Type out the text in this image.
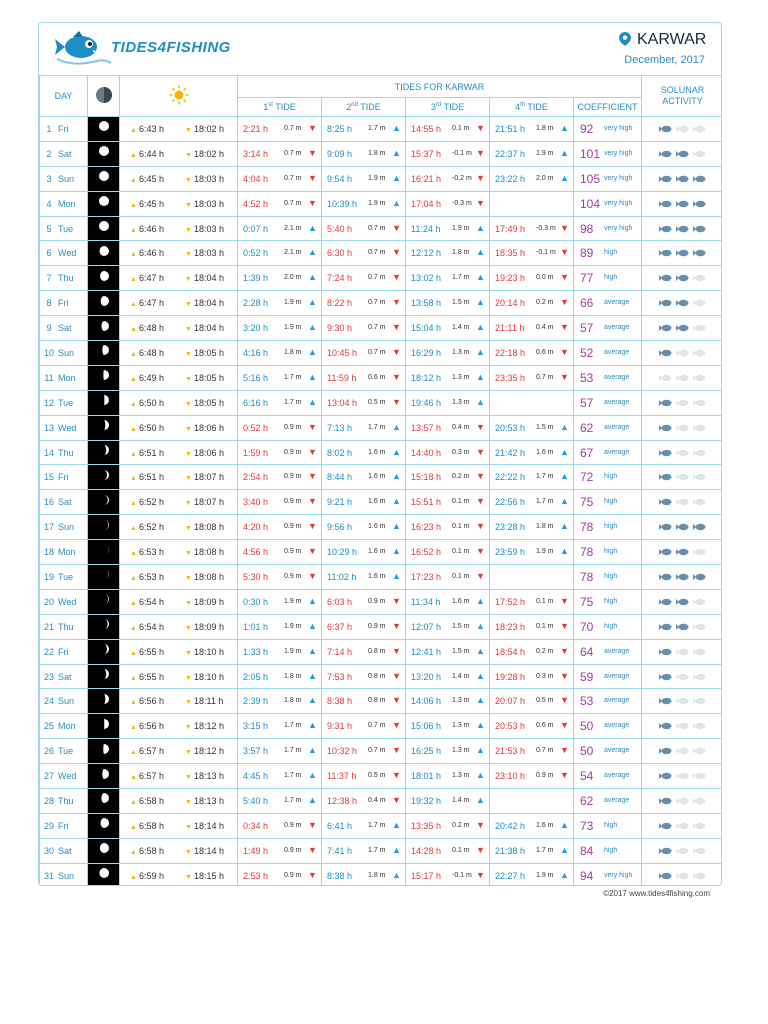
TIDES4FISHING	KARWAR
December, 2017
DAY			TIDES FOR KARWAR					SOLUNAR ACTIVITY
			1st TIDE	2nd TIDE	3rd TIDE	4th TIDE	COEFFICIENT	
1 Fri		▲ 6:43 h ▼ 18:02 h	2:21 h 0.7 m ▼	8:25 h 1.7 m ▲	14:55 h 0.1 m ▼	21:51 h 1.8 m ▲	92 very high

2 Sat		▲ 6:44 h ▼ 18:02 h	3:14 h 0.7 m ▼	9:09 h 1.8 m ▲	15:37 h -0.1 m ▼	22:37 h 1.9 m ▲	101 very high

3 Sun		▲ 6:45 h ▼ 18:03 h	4:04 h 0.7 m ▼	9:54 h 1.9 m ▲	16:21 h -0.2 m ▼	23:22 h 2.0 m ▲	105 very high

4 Mon		▲ 6:45 h ▼ 18:03 h	4:52 h 0.7 m ▼	10:39 h 1.9 m ▲	17:04 h -0.3 m ▼		104 very high

5 Tue		▲ 6:46 h ▼ 18:03 h	0:07 h 2.1 m ▲	5:40 h 0.7 m ▼	11:24 h 1.9 m ▲	17:49 h -0.3 m ▼	98 very high

6 Wed		▲ 6:46 h ▼ 18:03 h	0:52 h 2.1 m ▲	6:30 h 0.7 m ▼	12:12 h 1.8 m ▲	18:35 h -0.1 m ▼	89 high

7 Thu		▲ 6:47 h ▼ 18:04 h	1:39 h 2.0 m ▲	7:24 h 0.7 m ▼	13:02 h 1.7 m ▲	19:23 h 0.0 m ▼	77 high

8 Fri		▲ 6:47 h ▼ 18:04 h	2:28 h 1.9 m ▲	8:22 h 0.7 m ▼	13:58 h 1.5 m ▲	20:14 h 0.2 m ▼	66 average

9 Sat		▲ 6:48 h ▼ 18:04 h	3:20 h 1.9 m ▲	9:30 h 0.7 m ▼	15:04 h 1.4 m ▲	21:11 h 0.4 m ▼	57 average

10 Sun		▲ 6:48 h ▼ 18:05 h	4:16 h 1.8 m ▲	10:45 h 0.7 m ▼	16:29 h 1.3 m ▲	22:18 h 0.6 m ▼	52 average

11 Mon		▲ 6:49 h ▼ 18:05 h	5:16 h 1.7 m ▲	11:59 h 0.6 m ▼	18:12 h 1.3 m ▲	23:35 h 0.7 m ▼	53 average

12 Tue		▲ 6:50 h ▼ 18:05 h	6:16 h 1.7 m ▲	13:04 h 0.5 m ▼	19:46 h 1.3 m ▲		57 average

13 Wed		▲ 6:50 h ▼ 18:06 h	0:52 h 0.9 m ▼	7:13 h 1.7 m ▲	13:57 h 0.4 m ▼	20:53 h 1.5 m ▲	62 average

14 Thu		▲ 6:51 h ▼ 18:06 h	1:59 h 0.9 m ▼	8:02 h 1.6 m ▲	14:40 h 0.3 m ▼	21:42 h 1.6 m ▲	67 average

15 Fri		▲ 6:51 h ▼ 18:07 h	2:54 h 0.9 m ▼	8:44 h 1.6 m ▲	15:18 h 0.2 m ▼	22:22 h 1.7 m ▲	72 high

16 Sat		▲ 6:52 h ▼ 18:07 h	3:40 h 0.9 m ▼	9:21 h 1.6 m ▲	15:51 h 0.1 m ▼	22:56 h 1.7 m ▲	75 high

17 Sun		▲ 6:52 h ▼ 18:08 h	4:20 h 0.9 m ▼	9:56 h 1.6 m ▲	16:23 h 0.1 m ▼	23:28 h 1.8 m ▲	78 high

18 Mon		▲ 6:53 h ▼ 18:08 h	4:56 h 0.9 m ▼	10:29 h 1.6 m ▲	16:52 h 0.1 m ▼	23:59 h 1.9 m ▲	78 high

19 Tue		▲ 6:53 h ▼ 18:08 h	5:30 h 0.9 m ▼	11:02 h 1.6 m ▲	17:23 h 0.1 m ▼		78 high

20 Wed		▲ 6:54 h ▼ 18:09 h	0:30 h 1.9 m ▲	6:03 h 0.9 m ▼	11:34 h 1.6 m ▲	17:52 h 0.1 m ▼	75 high

21 Thu		▲ 6:54 h ▼ 18:09 h	1:01 h 1.9 m ▲	6:37 h 0.9 m ▼	12:07 h 1.5 m ▲	18:23 h 0.1 m ▼	70 high

22 Fri		▲ 6:55 h ▼ 18:10 h	1:33 h 1.9 m ▲	7:14 h 0.8 m ▼	12:41 h 1.5 m ▲	18:54 h 0.2 m ▼	64 average

23 Sat		▲ 6:55 h ▼ 18:10 h	2:05 h 1.8 m ▲	7:53 h 0.8 m ▼	13:20 h 1.4 m ▲	19:28 h 0.3 m ▼	59 average

24 Sun		▲ 6:56 h ▼ 18:11 h	2:39 h 1.8 m ▲	8:38 h 0.8 m ▼	14:06 h 1.3 m ▲	20:07 h 0.5 m ▼	53 average

25 Mon		▲ 6:56 h ▼ 18:12 h	3:15 h 1.7 m ▲	9:31 h 0.7 m ▼	15:06 h 1.3 m ▲	20:53 h 0.6 m ▼	50 average

26 Tue		▲ 6:57 h ▼ 18:12 h	3:57 h 1.7 m ▲	10:32 h 0.7 m ▼	16:25 h 1.3 m ▲	21:53 h 0.7 m ▼	50 average

27 Wed		▲ 6:57 h ▼ 18:13 h	4:45 h 1.7 m ▲	11:37 h 0.5 m ▼	18:01 h 1.3 m ▲	23:10 h 0.9 m ▼	54 average

28 Thu		▲ 6:58 h ▼ 18:13 h	5:40 h 1.7 m ▲	12:38 h 0.4 m ▼	19:32 h 1.4 m ▲		62 average

29 Fri		▲ 6:58 h ▼ 18:14 h	0:34 h 0.9 m ▼	6:41 h 1.7 m ▲	13:35 h 0.2 m ▼	20:42 h 1.6 m ▲	73 high

30 Sat		▲ 6:58 h ▼ 18:14 h	1:49 h 0.9 m ▼	7:41 h 1.7 m ▲	14:28 h 0.1 m ▼	21:38 h 1.7 m ▲	84 high

31 Sun		▲ 6:59 h ▼ 18:15 h	2:53 h 0.9 m ▼	8:38 h 1.8 m ▲	15:17 h -0.1 m ▼	22:27 h 1.9 m ▲	94 very high

©2017 www.tides4fishing.com
